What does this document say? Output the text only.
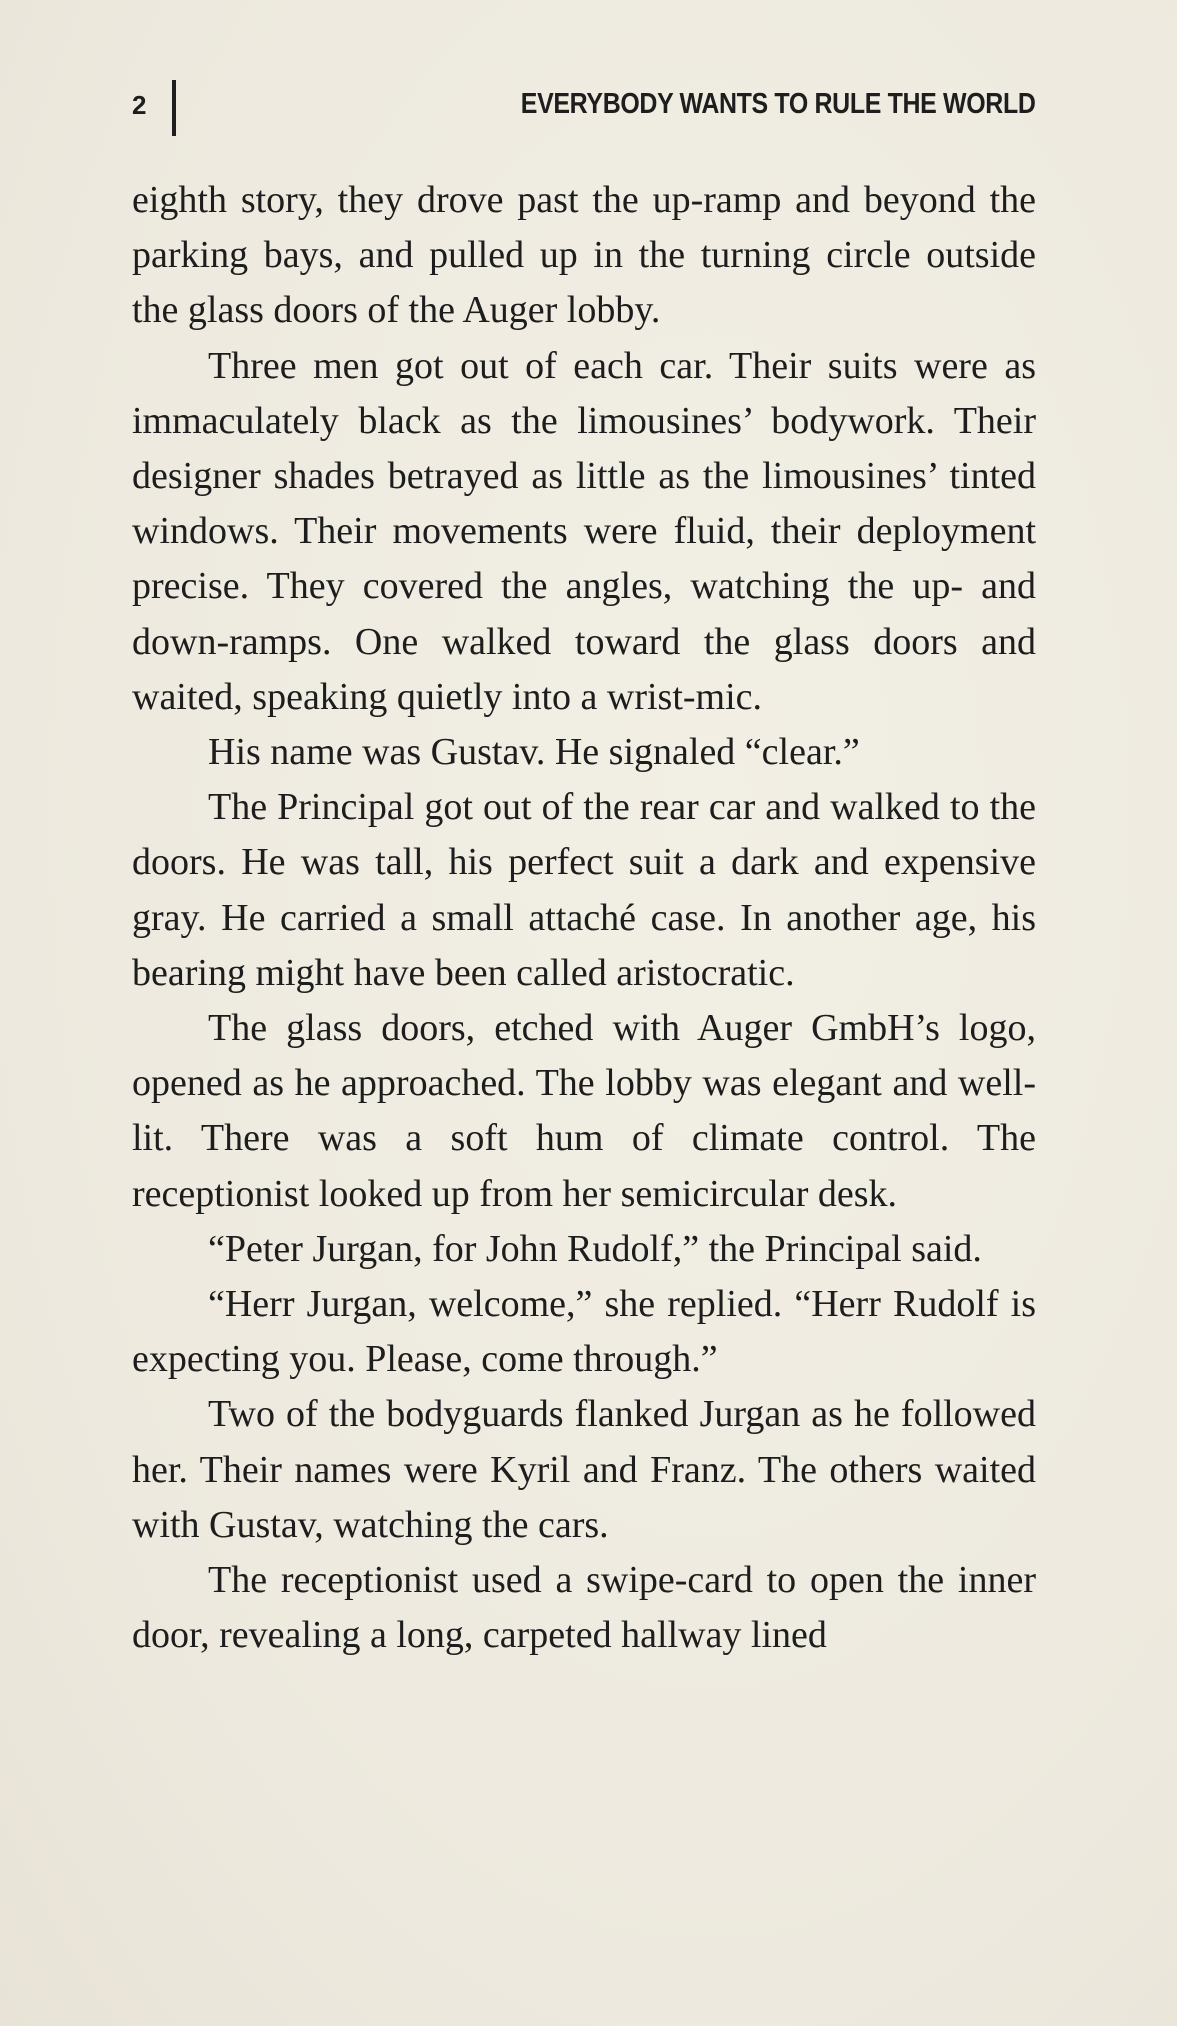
2	EVERYBODY WANTS TO RULE THE WORLD

eighth story, they drove past the up-ramp and beyond the parking bays, and pulled up in the turning circle outside the glass doors of the Auger lobby.

Three men got out of each car. Their suits were as immaculately black as the limousines’ bodywork. Their designer shades betrayed as little as the limousines’ tinted windows. Their movements were fluid, their deployment precise. They covered the angles, watching the up- and down-ramps. One walked toward the glass doors and waited, speaking quietly into a wrist-mic.

His name was Gustav. He signaled “clear.”

The Principal got out of the rear car and walked to the doors. He was tall, his perfect suit a dark and expensive gray. He carried a small attaché case. In another age, his bearing might have been called aristocratic.

The glass doors, etched with Auger GmbH’s logo, opened as he approached. The lobby was elegant and well-lit. There was a soft hum of climate control. The receptionist looked up from her semicircular desk.

“Peter Jurgan, for John Rudolf,” the Principal said.

“Herr Jurgan, welcome,” she replied. “Herr Rudolf is expecting you. Please, come through.”

Two of the bodyguards flanked Jurgan as he followed her. Their names were Kyril and Franz. The others waited with Gustav, watching the cars.

The receptionist used a swipe-card to open the inner door, revealing a long, carpeted hallway lined
